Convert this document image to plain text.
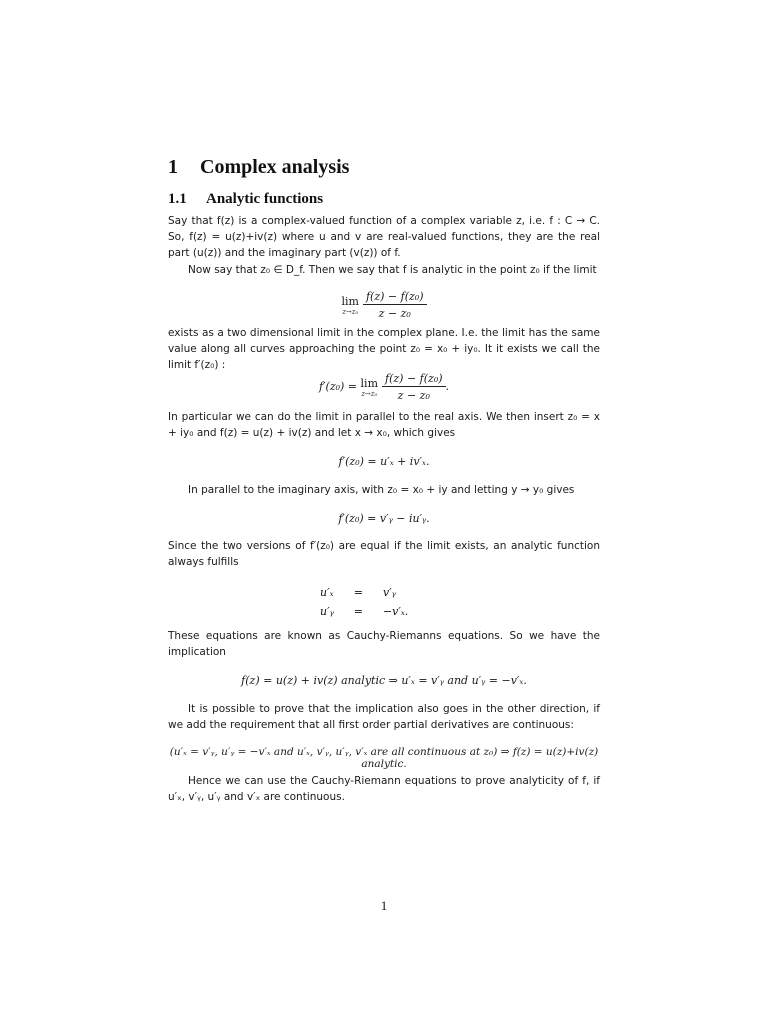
1 Complex analysis
1.1 Analytic functions
Say that f(z) is a complex-valued function of a complex variable z, i.e. f : C → C. So, f(z) = u(z)+iv(z) where u and v are real-valued functions, they are the real part (u(z)) and the imaginary part (v(z)) of f.
Now say that z₀ ∈ D_f. Then we say that f is analytic in the point z₀ if the limit
lim
$z\to z_0 \frac{\text{f(z) − f(z₀)}}{\text{z − z₀}}$
exists as a two dimensional limit in the complex plane. I.e. the limit has the same value along all curves approaching the point z₀ = x₀ + iy₀. It it exists we call the limit f′(z₀) :
f′(z₀) = lim
$z\to z_0 \frac{\text{f(z) − f(z₀)}}{\text{z − z₀}}$ .
In particular we can do the limit in parallel to the real axis. We then insert z₀ = x + iy₀ and f(z) = u(z) + iv(z) and let x → x₀, which gives
f′(z₀) = u′ₓ + iv′ₓ.
In parallel to the imaginary axis, with z₀ = x₀ + iy and letting y → y₀ gives
f′(z₀) = v′ᵧ − iu′ᵧ.
Since the two versions of f′(z₀) are equal if the limit exists, an analytic function always fulfills
u′ₓ	=	v′ᵧ
u′ᵧ	=	−v′ₓ.
These equations are known as Cauchy-Riemanns equations. So we have the implication
f(z) = u(z) + iv(z) analytic ⇒ u′ₓ = v′ᵧ and u′ᵧ = −v′ₓ.
It is possible to prove that the implication also goes in the other direction, if we add the requirement that all first order partial derivatives are continuous:
(u′ₓ = v′ᵧ, u′ᵧ = −v′ₓ and u′ₓ, v′ᵧ, u′ᵧ, v′ₓ are all continuous at z₀) ⇒ f(z) = u(z)+iv(z) analytic.
Hence we can use the Cauchy-Riemann equations to prove analyticity of f, if u′ₓ, v′ᵧ, u′ᵧ and v′ₓ are continuous.
1
